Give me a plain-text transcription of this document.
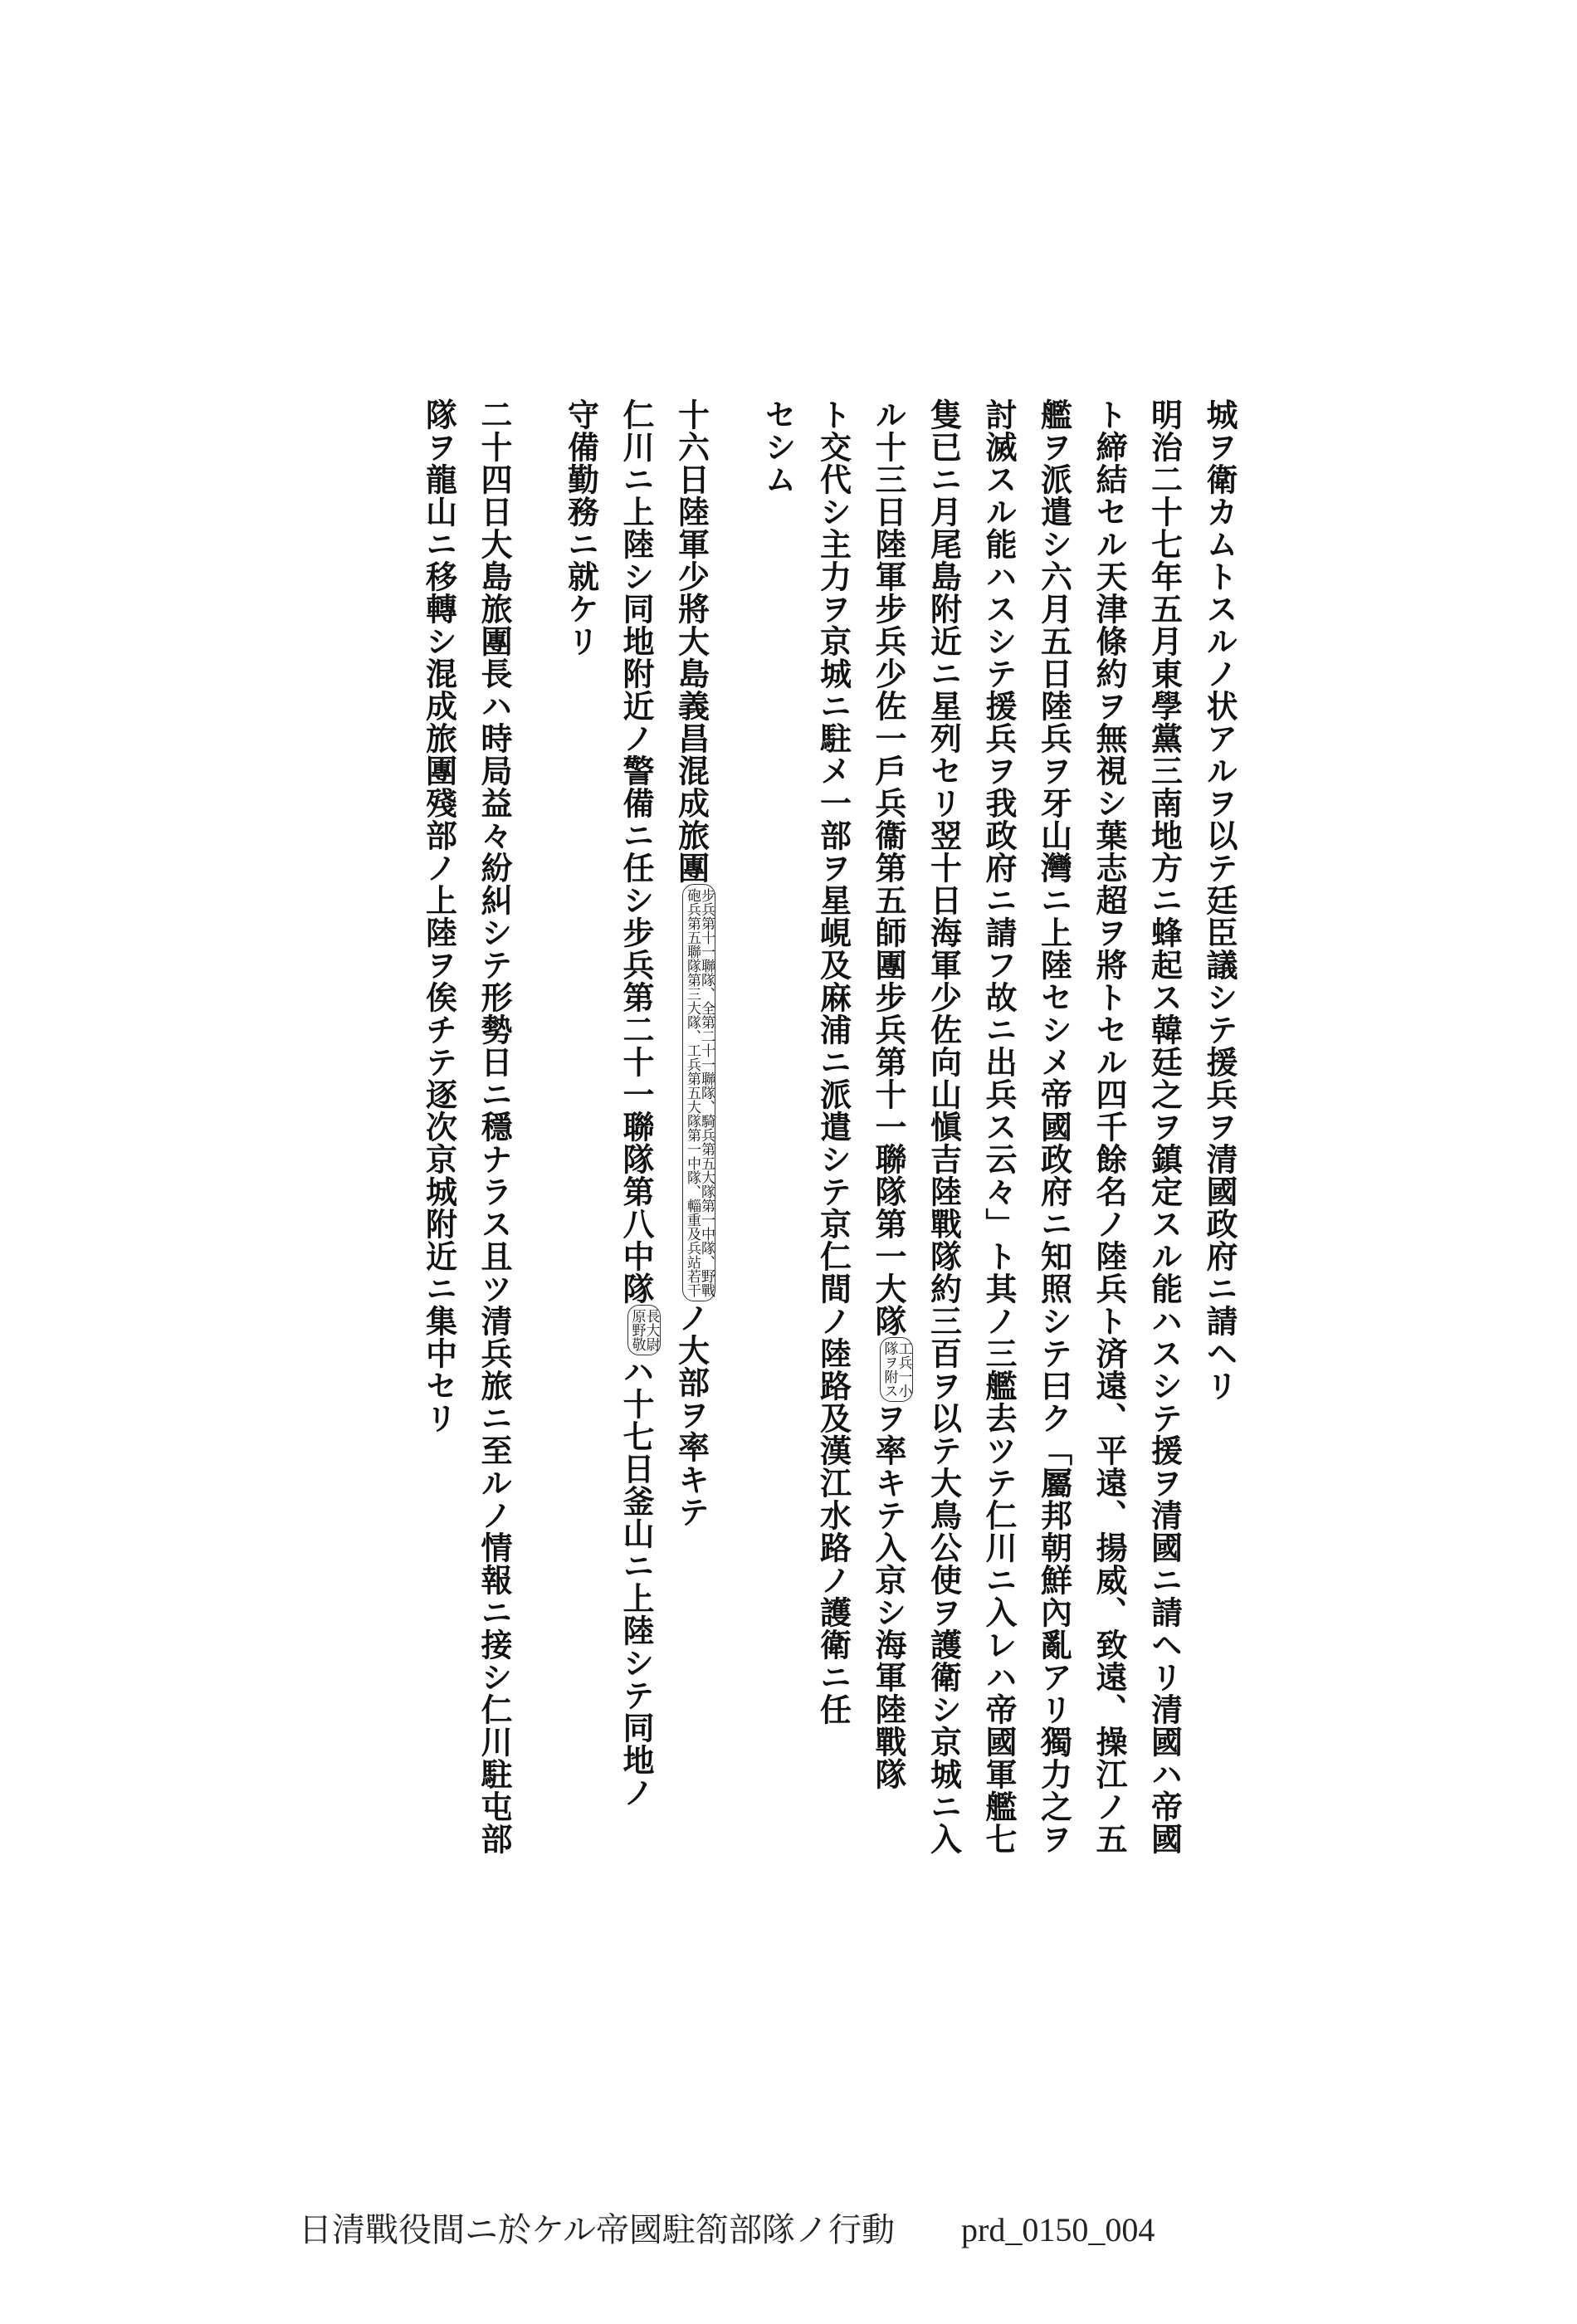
城ヲ衛カムトスルノ状アルヲ以テ廷臣議シテ援兵ヲ清國政府ニ請ヘリ
明治二十七年五月東學黨三南地方ニ蜂起ス韓廷之ヲ鎮定スル能ハスシテ援ヲ清國ニ請ヘリ清國ハ帝國
ト締結セル天津條約ヲ無視シ葉志超ヲ將トセル四千餘名ノ陸兵ト済遠、平遠、揚威、致遠、操江ノ五
艦ヲ派遣シ六月五日陸兵ヲ牙山灣ニ上陸セシメ帝國政府ニ知照シテ曰ク「屬邦朝鮮內亂アリ獨力之ヲ
討滅スル能ハスシテ援兵ヲ我政府ニ請フ故ニ出兵ス云々」ト其ノ三艦去ツテ仁川ニ入レハ帝國軍艦七
隻已ニ月尾島附近ニ星列セリ翌十日海軍少佐向山愼吉陸戰隊約三百ヲ以テ大鳥公使ヲ護衛シ京城ニ入
ル十三日陸軍步兵少佐一戶兵衞第五師團步兵第十一聯隊第一大隊
工兵一小
隊ヲ附ス
ヲ率キテ入京シ海軍陸戰隊
ト交代シ主力ヲ京城ニ駐メ一部ヲ星峴及麻浦ニ派遣シテ京仁間ノ陸路及漢江水路ノ護衛ニ任
セシム
十六日陸軍少將大島義昌混成旅團
步兵第十一聯隊、全第二十一聯隊、騎兵第五大隊第一中隊、野戰
砲兵第五聯隊第三大隊、工兵第五大隊第一中隊、輜重及兵站若干
ノ大部ヲ率キテ
仁川ニ上陸シ同地附近ノ警備ニ任シ步兵第二十一聯隊第八中隊
長大尉
原野敬
ハ十七日釜山ニ上陸シテ同地ノ
守備勤務ニ就ケリ
二十四日大島旅團長ハ時局益々紛糾シテ形勢日ニ穩ナラス且ツ清兵旅ニ至ルノ情報ニ接シ仁川駐屯部
隊ヲ龍山ニ移轉シ混成旅團殘部ノ上陸ヲ俟チテ逐次京城附近ニ集中セリ
日清戰役間ニ於ケル帝國駐箚部隊ノ行動 prd_0150_004
